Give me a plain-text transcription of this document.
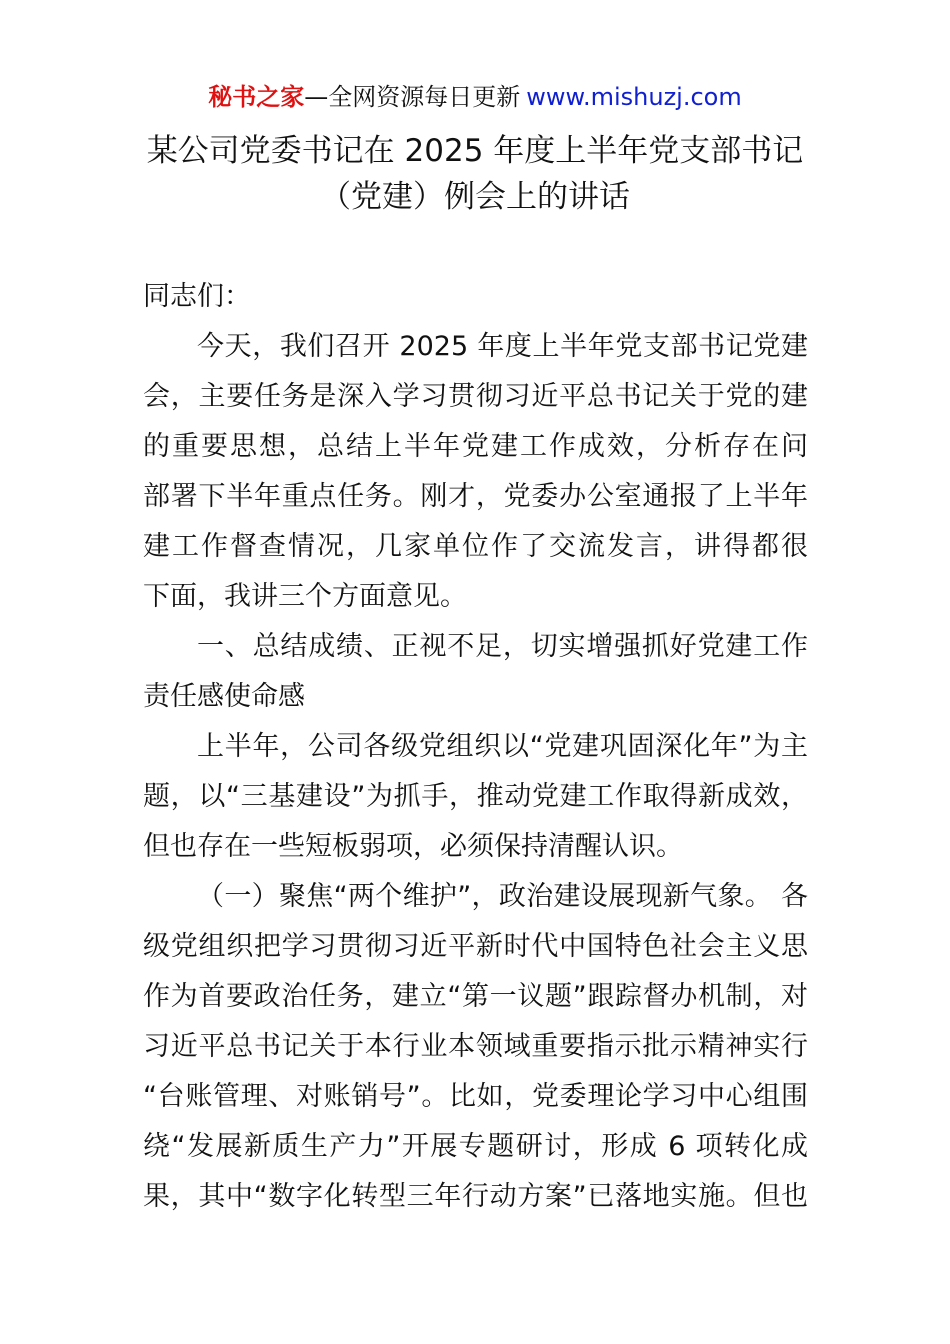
秘书之家—全网资源每日更新 www.mishuzj.com
某公司党委书记在 2025 年度上半年党支部书记
（党建）例会上的讲话
同志们：
今天，我们召开 2025 年度上半年党支部书记党建
会，主要任务是深入学习贯彻习近平总书记关于党的建
的重要思想，总结上半年党建工作成效，分析存在问
部署下半年重点任务。刚才，党委办公室通报了上半年
建工作督查情况，几家单位作了交流发言，讲得都很
下面，我讲三个方面意见。
一、总结成绩、正视不足，切实增强抓好党建工作
责任感使命感
上半年，公司各级党组织以“党建巩固深化年”为主
题，以“三基建设”为抓手，推动党建工作取得新成效，
但也存在一些短板弱项，必须保持清醒认识。
（一）聚焦“两个维护”，政治建设展现新气象。 各
级党组织把学习贯彻习近平新时代中国特色社会主义思
作为首要政治任务，建立“第一议题”跟踪督办机制，对
习近平总书记关于本行业本领域重要指示批示精神实行
“台账管理、对账销号”。比如，党委理论学习中心组围
绕“发展新质生产力”开展专题研讨，形成 6 项转化成
果，其中“数字化转型三年行动方案”已落地实施。但也
